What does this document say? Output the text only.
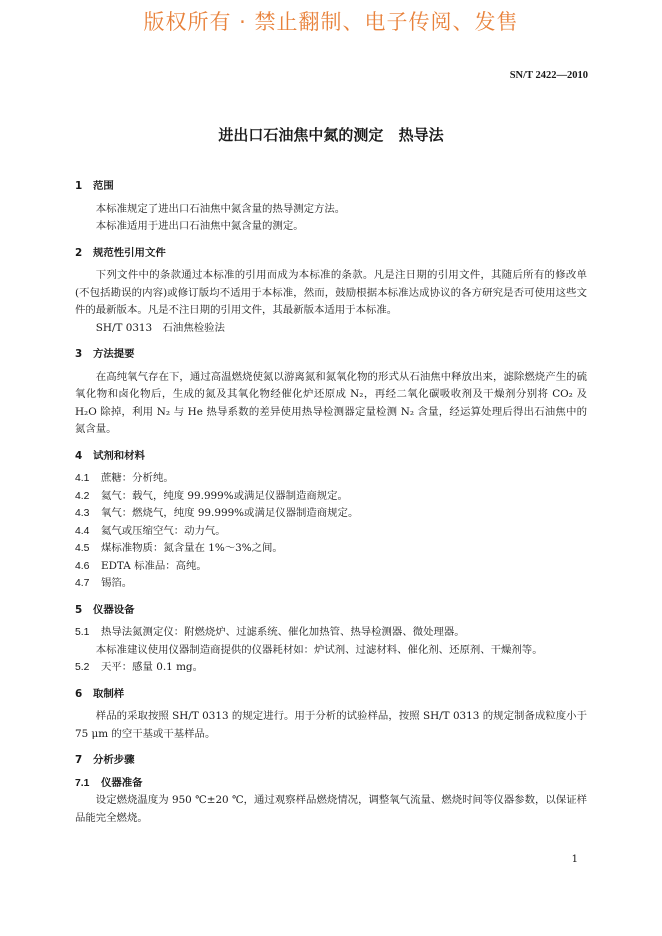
版权所有 · 禁止翻制、电子传阅、发售
SN/T 2422—2010
进出口石油焦中氮的测定 热导法
1	范围

本标准规定了进出口石油焦中氮含量的热导测定方法。

本标准适用于进出口石油焦中氮含量的测定。

2	规范性引用文件

下列文件中的条款通过本标准的引用而成为本标准的条款。凡是注日期的引用文件，其随后所有的修改单(不包括勘误的内容)或修订版均不适用于本标准，然而，鼓励根据本标准达成协议的各方研究是否可使用这些文件的最新版本。凡是不注日期的引用文件，其最新版本适用于本标准。

SH/T 0313　石油焦检验法

3	方法提要

在高纯氧气存在下，通过高温燃烧使氮以游离氮和氮氧化物的形式从石油焦中释放出来，滤除燃烧产生的硫氧化物和卤化物后，生成的氮及其氧化物经催化炉还原成 N₂，再经二氧化碳吸收剂及干燥剂分别将 CO₂ 及 H₂O 除掉，利用 N₂ 与 He 热导系数的差异使用热导检测器定量检测 N₂ 含量，经运算处理后得出石油焦中的氮含量。

4	试剂和材料
4.1	蔗糖：分析纯。
4.2	氦气：载气，纯度 99.999%或满足仪器制造商规定。
4.3	氧气：燃烧气，纯度 99.999%或满足仪器制造商规定。
4.4	氦气或压缩空气：动力气。
4.5	煤标准物质：氮含量在 1%～3%之间。
4.6	EDTA 标准品：高纯。
4.7	锡箔。
5	仪器设备
5.1	热导法氮测定仪：附燃烧炉、过滤系统、催化加热管、热导检测器、微处理器。

本标准建议使用仪器制造商提供的仪器耗材如：炉试剂、过滤材料、催化剂、还原剂、干燥剂等。

5.2	天平：感量 0.1 mg。
6	取制样

样品的采取按照 SH/T 0313 的规定进行。用于分析的试验样品，按照 SH/T 0313 的规定制备成粒度小于 75 μm 的空干基或干基样品。

7	分析步骤
7.1	仪器准备

设定燃烧温度为 950 ℃±20 ℃，通过观察样品燃烧情况，调整氧气流量、燃烧时间等仪器参数，以保证样品能完全燃烧。

1
